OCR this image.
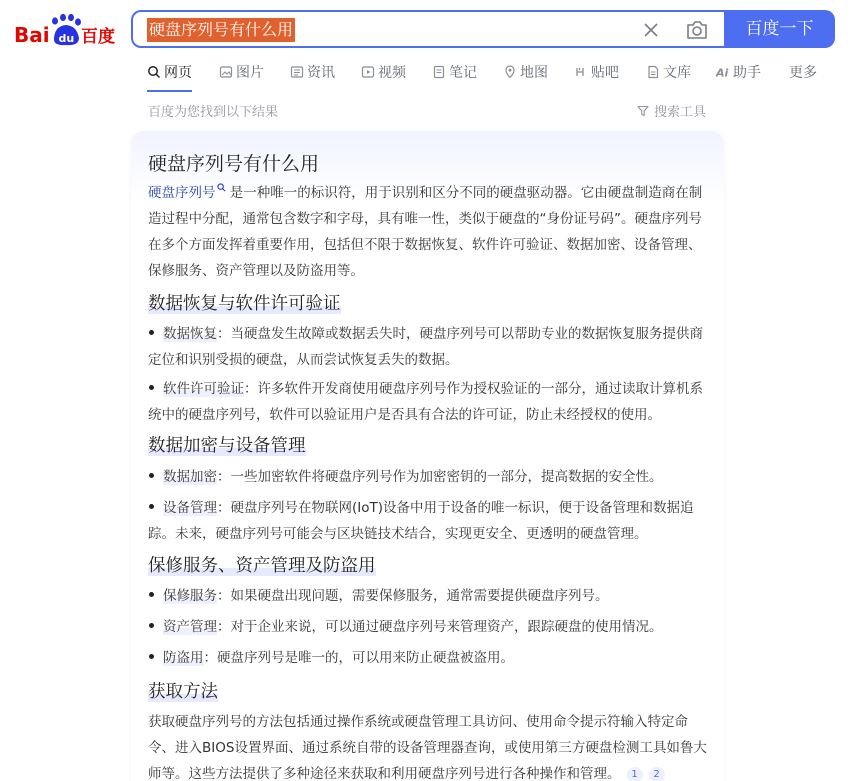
Bai du 百度 硬盘序列号有什么用	百度一下
网页	图片	资讯	视频	笔记	地图	贴吧	文库 Ai 助手 更多
百度为您找到以下结果	搜索工具
硬盘序列号有什么用
硬盘序列号 是一种唯一的标识符，用于识别和区分不同的硬盘驱动器。它由硬盘制造商在制造过程中分配，通常包含数字和字母，具有唯一性，类似于硬盘的“身份证号码”。硬盘序列号在多个方面发挥着重要作用，包括但不限于数据恢复、软件许可验证、数据加密、设备管理、保修服务、资产管理以及防盗用等。
数据恢复与软件许可验证
数据恢复：当硬盘发生故障或数据丢失时，硬盘序列号可以帮助专业的数据恢复服务提供商定位和识别受损的硬盘，从而尝试恢复丢失的数据。
软件许可验证：许多软件开发商使用硬盘序列号作为授权验证的一部分，通过读取计算机系统中的硬盘序列号，软件可以验证用户是否具有合法的许可证，防止未经授权的使用。
数据加密与设备管理
数据加密：一些加密软件将硬盘序列号作为加密密钥的一部分，提高数据的安全性。
设备管理：硬盘序列号在物联网(IoT)设备中用于设备的唯一标识，便于设备管理和数据追踪。未来，硬盘序列号可能会与区块链技术结合，实现更安全、更透明的硬盘管理。
保修服务、资产管理及防盗用
保修服务：如果硬盘出现问题，需要保修服务，通常需要提供硬盘序列号。
资产管理：对于企业来说，可以通过硬盘序列号来管理资产，跟踪硬盘的使用情况。
防盗用：硬盘序列号是唯一的，可以用来防止硬盘被盗用。
获取方法
获取硬盘序列号的方法包括通过操作系统或硬盘管理工具访问、使用命令提示符输入特定命令、进入BIOS设置界面、通过系统自带的设备管理器查询，或使用第三方硬盘检测工具如鲁大师等。这些方法提供了多种途径来获取和利用硬盘序列号进行各种操作和管理。 1 2
